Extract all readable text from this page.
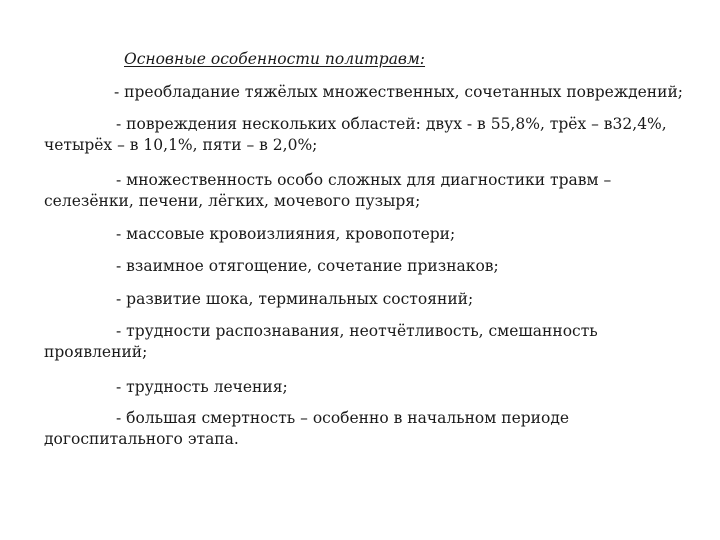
Основные особенности политравм:
- преобладание тяжёлых множественных, сочетанных повреждений;
- повреждения нескольких областей: двух - в 55,8%, трёх – в32,4%, четырёх – в 10,1%, пяти – в 2,0%;
- множественность особо сложных для диагностики травм – селезёнки, печени, лёгких, мочевого пузыря;
- массовые кровоизлияния, кровопотери;
- взаимное отягощение, сочетание признаков;
- развитие шока, терминальных состояний;
- трудности распознавания, неотчётливость, смешанность проявлений;
- трудность лечения;
- большая смертность – особенно в начальном периоде догоспитального этапа.
